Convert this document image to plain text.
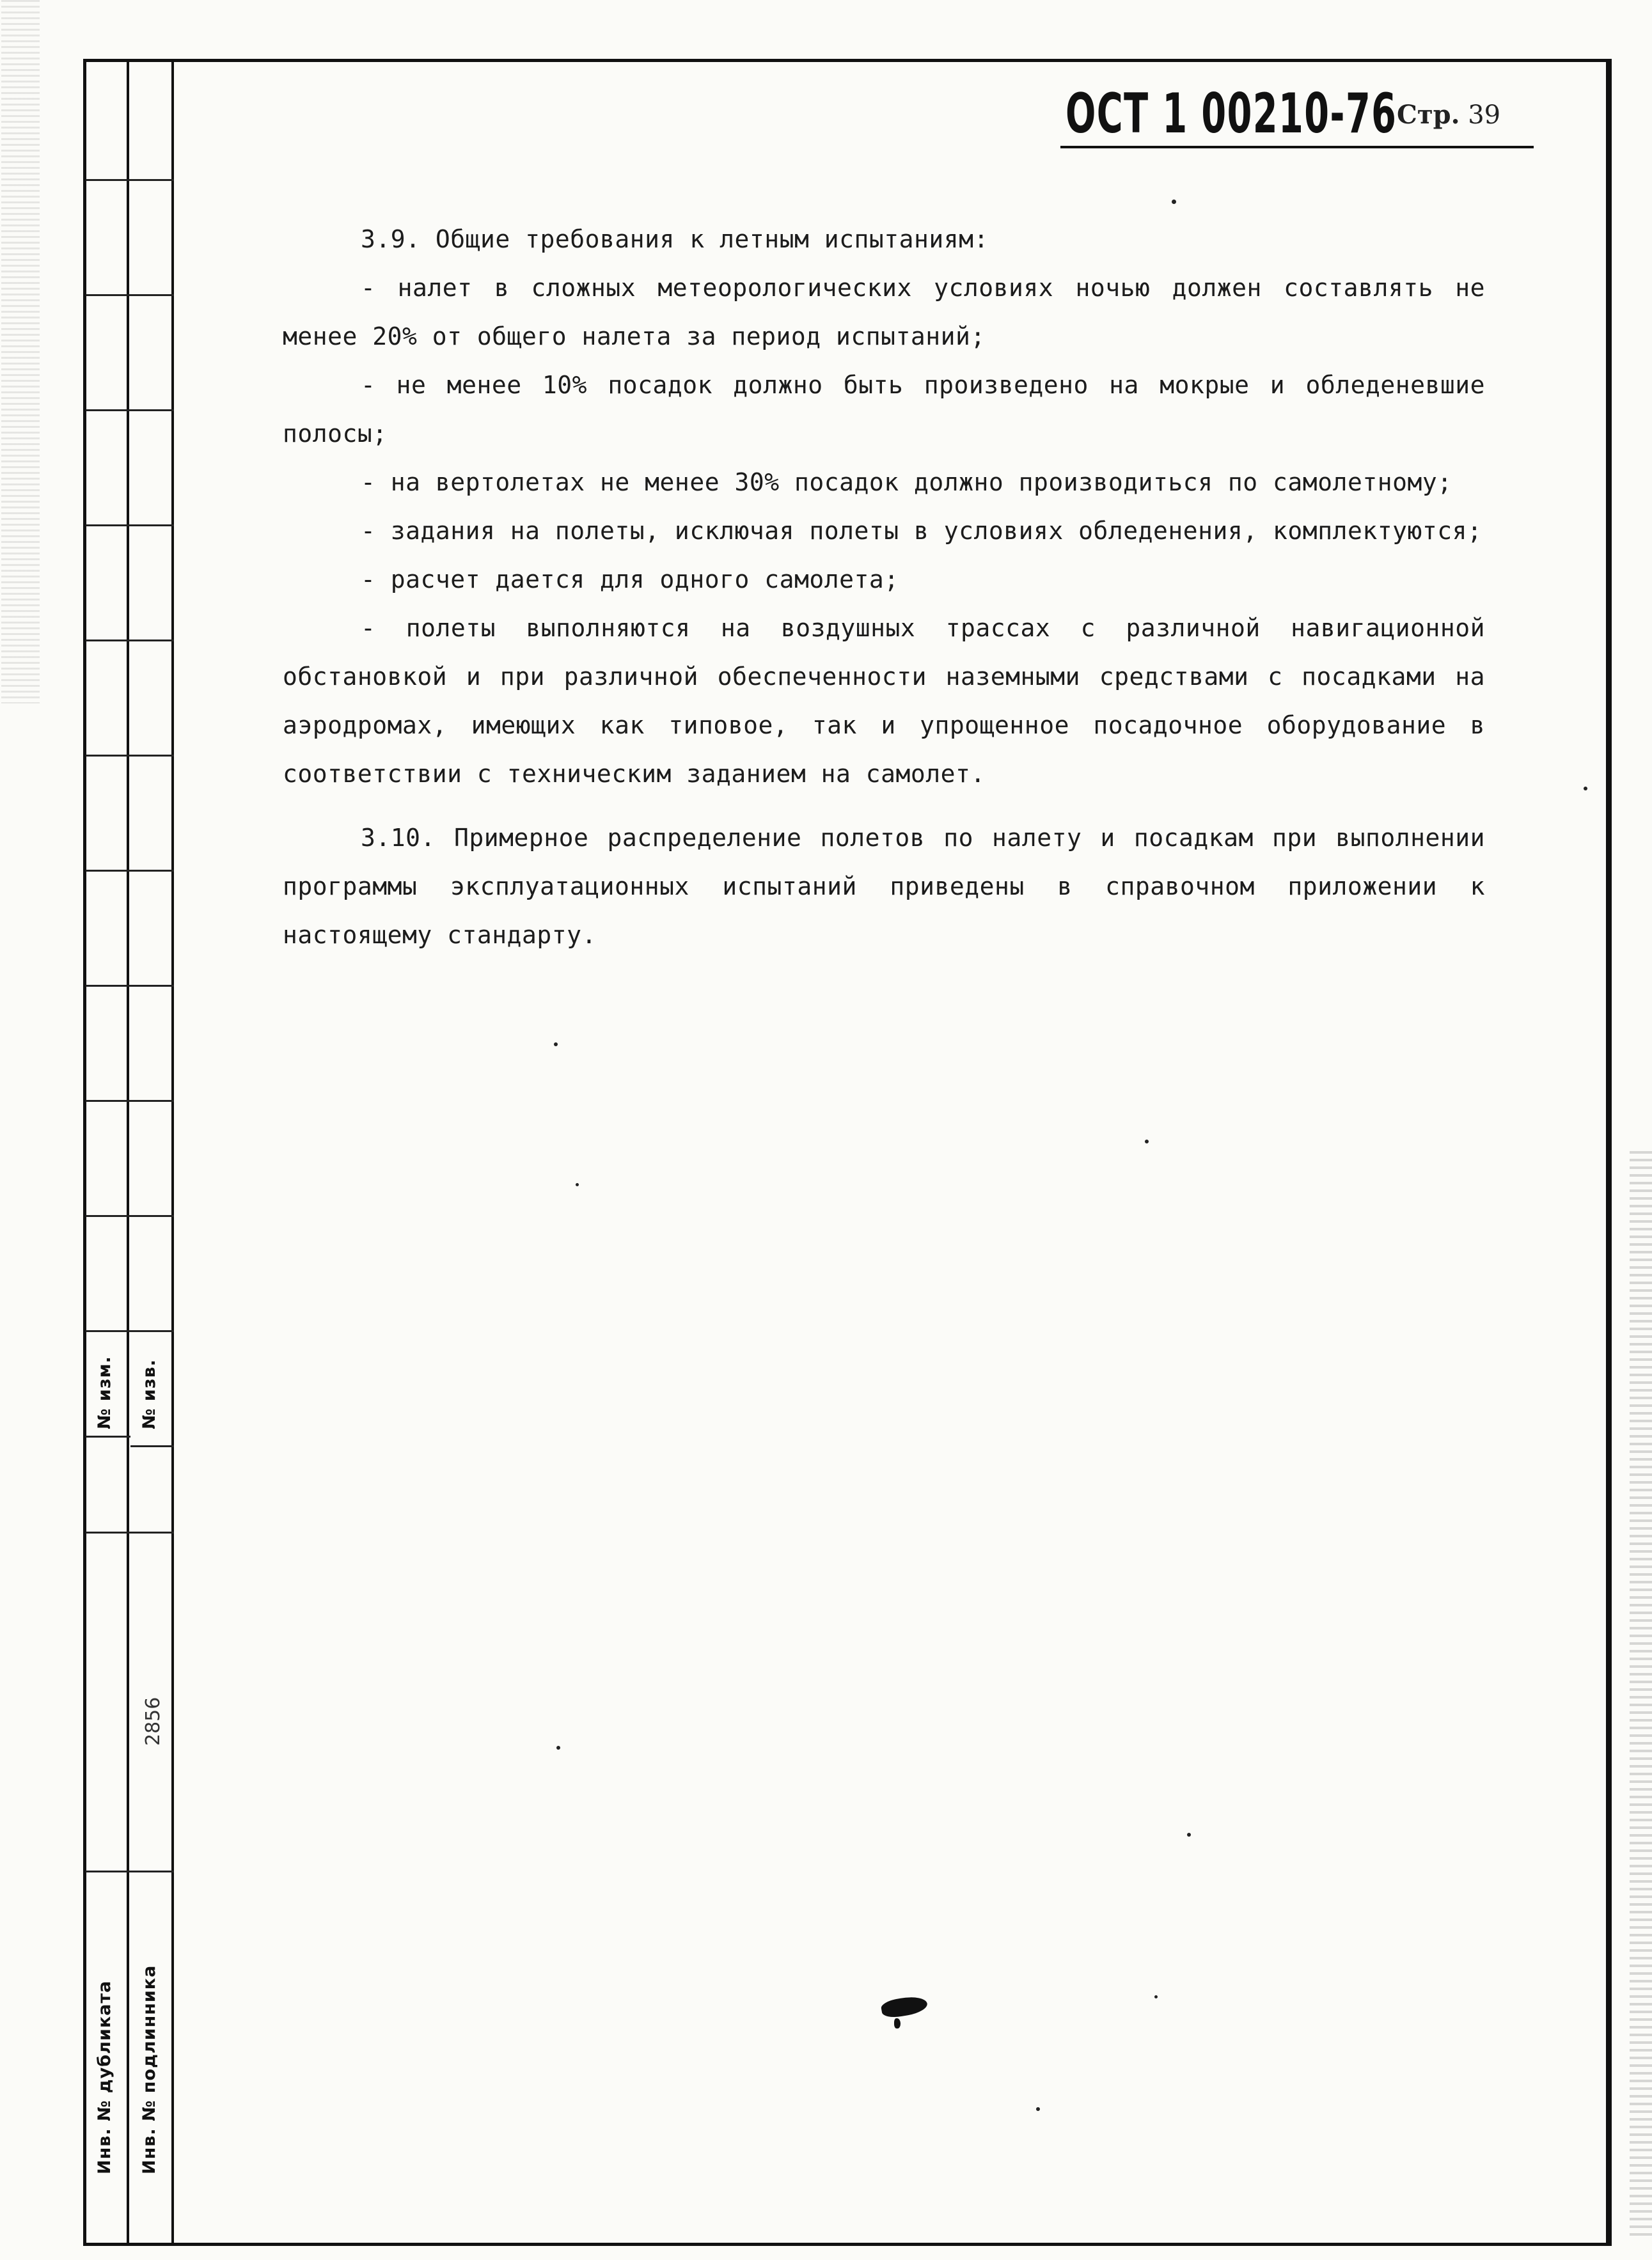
№ изм. № изв.
Инв. № дубликата Инв. № подлинника
2856
ОСТ 1 00210-76 Стр. 39

3.9. Общие требования к летным испытаниям:

- налет в сложных метеорологических условиях ночью должен составлять не менее 20% от общего налета за период испытаний;

- не менее 10% посадок должно быть произведено на мокрые и обледеневшие полосы;

- на вертолетах не менее 30% посадок должно производиться по самолетному;

- задания на полеты, исключая полеты в условиях обледенения, комплектуются;

- расчет дается для одного самолета;

- полеты выполняются на воздушных трассах с различной навигационной обстановкой и при различной обеспеченности наземными средствами с посадками на аэродромах, имеющих как типовое, так и упрощенное посадочное оборудование в соответствии с техническим заданием на самолет.

3.10. Примерное распределение полетов по налету и посадкам при выполнении программы эксплуатационных испытаний приведены в справочном приложении к настоящему стандарту.
